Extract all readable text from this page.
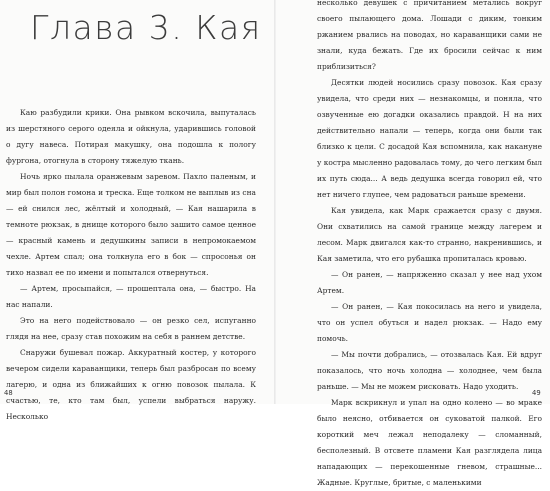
Глава 3. Кая

Каю разбудили крики. Она рывком вскочила, выпуталась из шерстяного серого одеяла и ойкнула, ударившись головой о дугу навеса. Потирая макушку, она подошла к пологу фургона, отогнула в сторону тяжелую ткань.

Ночь ярко пылала оранжевым заревом. Пахло паленым, и мир был полон гомона и треска. Еще толком не выплыв из сна — ей снился лес, жёлтый и холодный, — Кая нашарила в темноте рюкзак, в днище которого было зашито самое ценное — красный камень и дедушкины записи в непромокаемом чехле. Артем спал; она толкнула его в бок — спросонья он тихо назвал ее по имени и попытался отвернуться.

— Артем, просыпайся, — прошептала она, — быстро. На нас напали.

Это на него подействовало — он резко сел, испуганно глядя на нее, сразу став похожим на себя в раннем детстве.

Снаружи бушевал пожар. Аккуратный костер, у которого вечером сидели караванщики, теперь был разбросан по всему лагерю, и одна из ближайших к огню повозок пылала. К счастью, те, кто там был, успели выбраться наружу. Несколько

48

несколько девушек с причитанием метались вокруг своего пылающего дома. Лошади с диким, тонким ржанием рвались на поводах, но караванщики сами не знали, куда бежать. Где их бросили сейчас к ним приблизиться?

Десятки людей носились сразу повозок. Кая сразу увидела, что среди них — незнакомцы, и поняла, что озвученные ею догадки оказались правдой. Н на них действительно напали — теперь, когда они были так близко к цели. С досадой Кая вспомнила, как накануне у костра мысленно радовалась тому, до чего легким был их путь сюда... А ведь дедушка всегда говорил ей, что нет ничего глупее, чем радоваться раньше времени.

Кая увидела, как Марк сражается сразу с двумя. Они схватились на самой границе между лагерем и лесом. Марк двигался как-то странно, накренившись, и Кая заметила, что его рубашка пропиталась кровью.

— Он ранен, — напряженно сказал у нее над ухом Артем.

— Он ранен, — Кая покосилась на него и увидела, что он успел обуться и надел рюкзак. — Надо ему помочь.

— Мы почти добрались, — отозвалась Кая. Ей вдруг показалось, что ночь холодна — холоднее, чем была раньше. — Мы не можем рисковать. Надо уходить.

Марк вскрикнул и упал на одно колено — во мраке было неясно, отбивается он сукoватой палкой. Его короткий меч лежал неподалеку — сломанный, бесполезный. В отсвете пламени Кая разглядела лица нападающих — перекошенные гневом, страшные... Жадные. Круглые, бритые, с маленькими

49
